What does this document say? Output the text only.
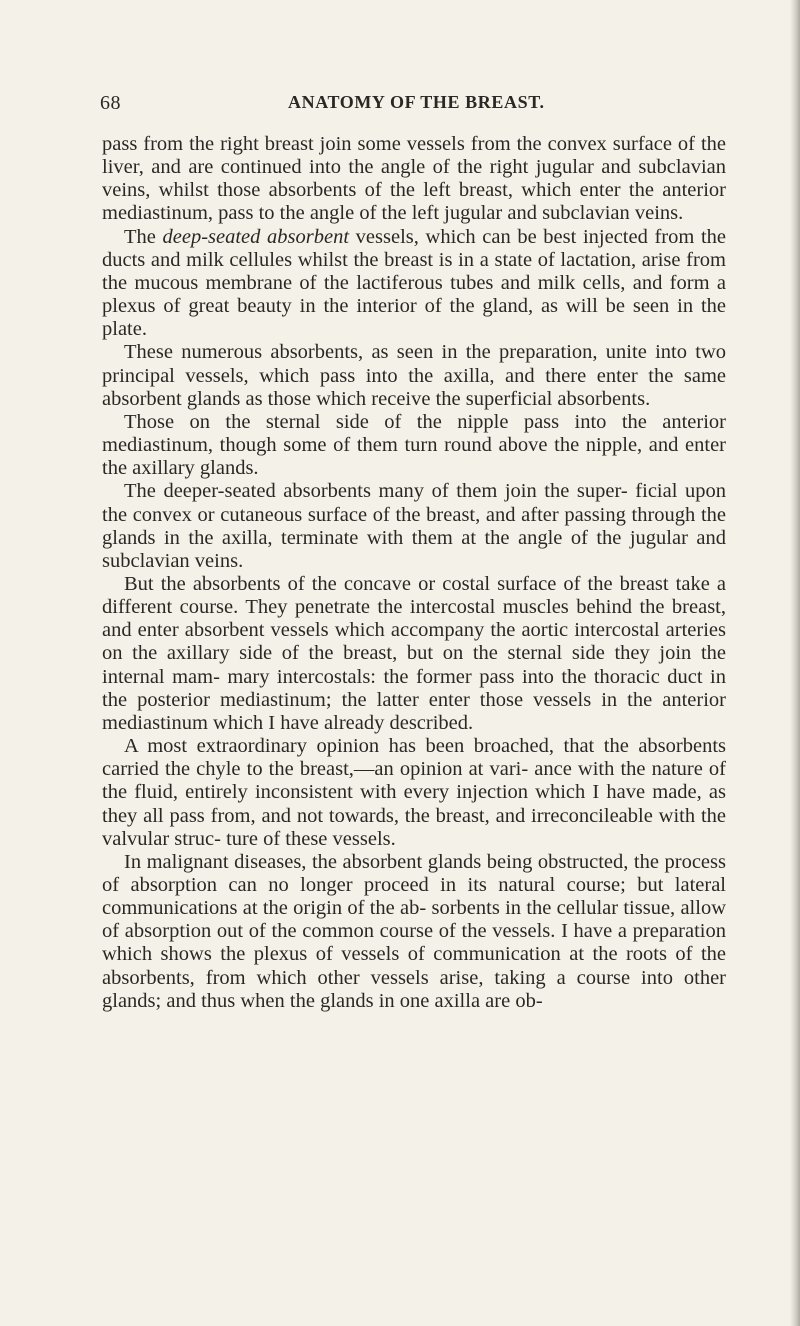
68	ANATOMY OF THE BREAST.

pass from the right breast join some vessels from the convex surface of the liver, and are continued into the angle of the right jugular and subclavian veins, whilst those absorbents of the left breast, which enter the anterior mediastinum, pass to the angle of the left jugular and subclavian veins.

The deep-seated absorbent vessels, which can be best injected from the ducts and milk cellules whilst the breast is in a state of lactation, arise from the mucous membrane of the lactiferous tubes and milk cells, and form a plexus of great beauty in the interior of the gland, as will be seen in the plate.

These numerous absorbents, as seen in the preparation, unite into two principal vessels, which pass into the axilla, and there enter the same absorbent glands as those which receive the superficial absorbents.

Those on the sternal side of the nipple pass into the anterior mediastinum, though some of them turn round above the nipple, and enter the axillary glands.

The deeper-seated absorbents many of them join the super- ficial upon the convex or cutaneous surface of the breast, and after passing through the glands in the axilla, terminate with them at the angle of the jugular and subclavian veins.

But the absorbents of the concave or costal surface of the breast take a different course. They penetrate the intercostal muscles behind the breast, and enter absorbent vessels which accompany the aortic intercostal arteries on the axillary side of the breast, but on the sternal side they join the internal mam- mary intercostals: the former pass into the thoracic duct in the posterior mediastinum; the latter enter those vessels in the anterior mediastinum which I have already described.

A most extraordinary opinion has been broached, that the absorbents carried the chyle to the breast,—an opinion at vari- ance with the nature of the fluid, entirely inconsistent with every injection which I have made, as they all pass from, and not towards, the breast, and irreconcileable with the valvular struc- ture of these vessels.

In malignant diseases, the absorbent glands being obstructed, the process of absorption can no longer proceed in its natural course; but lateral communications at the origin of the ab- sorbents in the cellular tissue, allow of absorption out of the common course of the vessels. I have a preparation which shows the plexus of vessels of communication at the roots of the absorbents, from which other vessels arise, taking a course into other glands; and thus when the glands in one axilla are ob-
